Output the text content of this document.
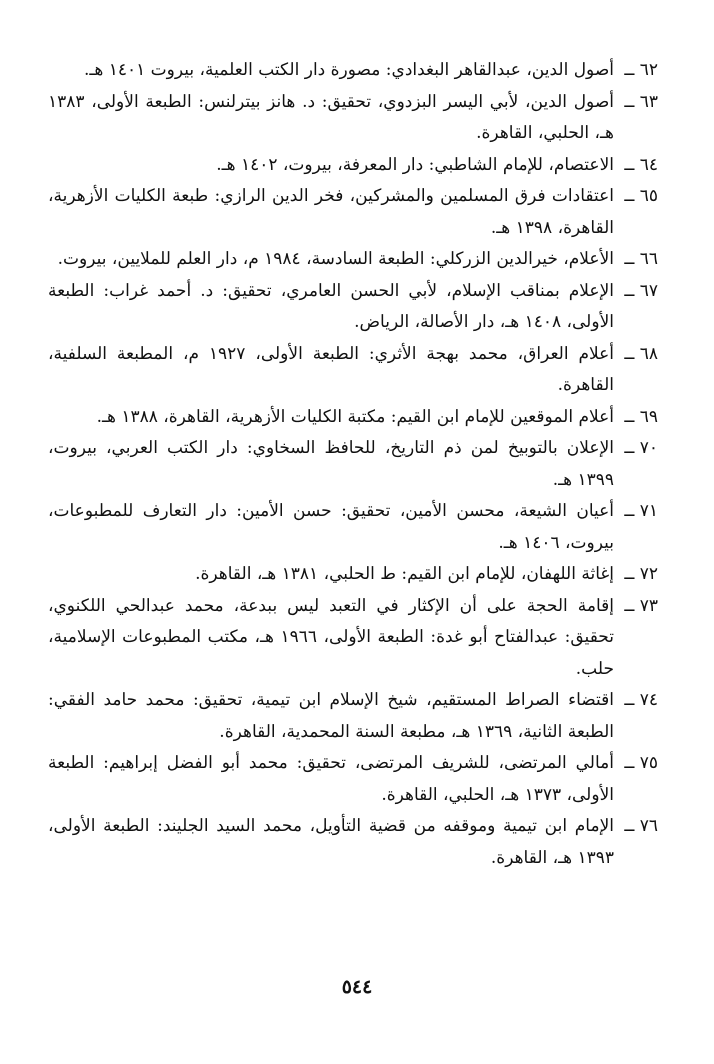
٦٢ ــ
أصول الدين، عبدالقاهر البغدادي: مصورة دار الكتب العلمية، بيروت ١٤٠١ هـ.
٦٣ ــ
أصول الدين، لأبي اليسر البزدوي، تحقيق: د. هانز بيترلنس: الطبعة الأولى، ١٣٨٣ هـ، الحلبي، القاهرة.
٦٤ ــ
الاعتصام، للإمام الشاطبي: دار المعرفة، بيروت، ١٤٠٢ هـ.
٦٥ ــ
اعتقادات فرق المسلمين والمشركين، فخر الدين الرازي: طبعة الكليات الأزهرية، القاهرة، ١٣٩٨ هـ.
٦٦ ــ
الأعلام، خيرالدين الزركلي: الطبعة السادسة، ١٩٨٤ م، دار العلم للملايين، بيروت.
٦٧ ــ
الإعلام بمناقب الإسلام، لأبي الحسن العامري، تحقيق: د. أحمد غراب: الطبعة الأولى، ١٤٠٨ هـ، دار الأصالة، الرياض.
٦٨ ــ
أعلام العراق، محمد بهجة الأثري: الطبعة الأولى، ١٩٢٧ م، المطبعة السلفية، القاهرة.
٦٩ ــ
أعلام الموقعين للإمام ابن القيم: مكتبة الكليات الأزهرية، القاهرة، ١٣٨٨ هـ.
٧٠ ــ
الإعلان بالتوبيخ لمن ذم التاريخ، للحافظ السخاوي: دار الكتب العربي، بيروت، ١٣٩٩ هـ.
٧١ ــ
أعيان الشيعة، محسن الأمين، تحقيق: حسن الأمين: دار التعارف للمطبوعات، بيروت، ١٤٠٦ هـ.
٧٢ ــ
إغاثة اللهفان، للإمام ابن القيم: ط الحلبي، ١٣٨١ هـ، القاهرة.
٧٣ ــ
إقامة الحجة على أن الإكثار في التعبد ليس ببدعة، محمد عبدالحي اللكنوي، تحقيق: عبدالفتاح أبو غدة: الطبعة الأولى، ١٩٦٦ هـ، مكتب المطبوعات الإسلامية، حلب.
٧٤ ــ
اقتضاء الصراط المستقيم، شيخ الإسلام ابن تيمية، تحقيق: محمد حامد الفقي: الطبعة الثانية، ١٣٦٩ هـ، مطبعة السنة المحمدية، القاهرة.
٧٥ ــ
أمالي المرتضى، للشريف المرتضى، تحقيق: محمد أبو الفضل إبراهيم: الطبعة الأولى، ١٣٧٣ هـ، الحلبي، القاهرة.
٧٦ ــ
الإمام ابن تيمية وموقفه من قضية التأويل، محمد السيد الجليند: الطبعة الأولى، ١٣٩٣ هـ، القاهرة.
٥٤٤
